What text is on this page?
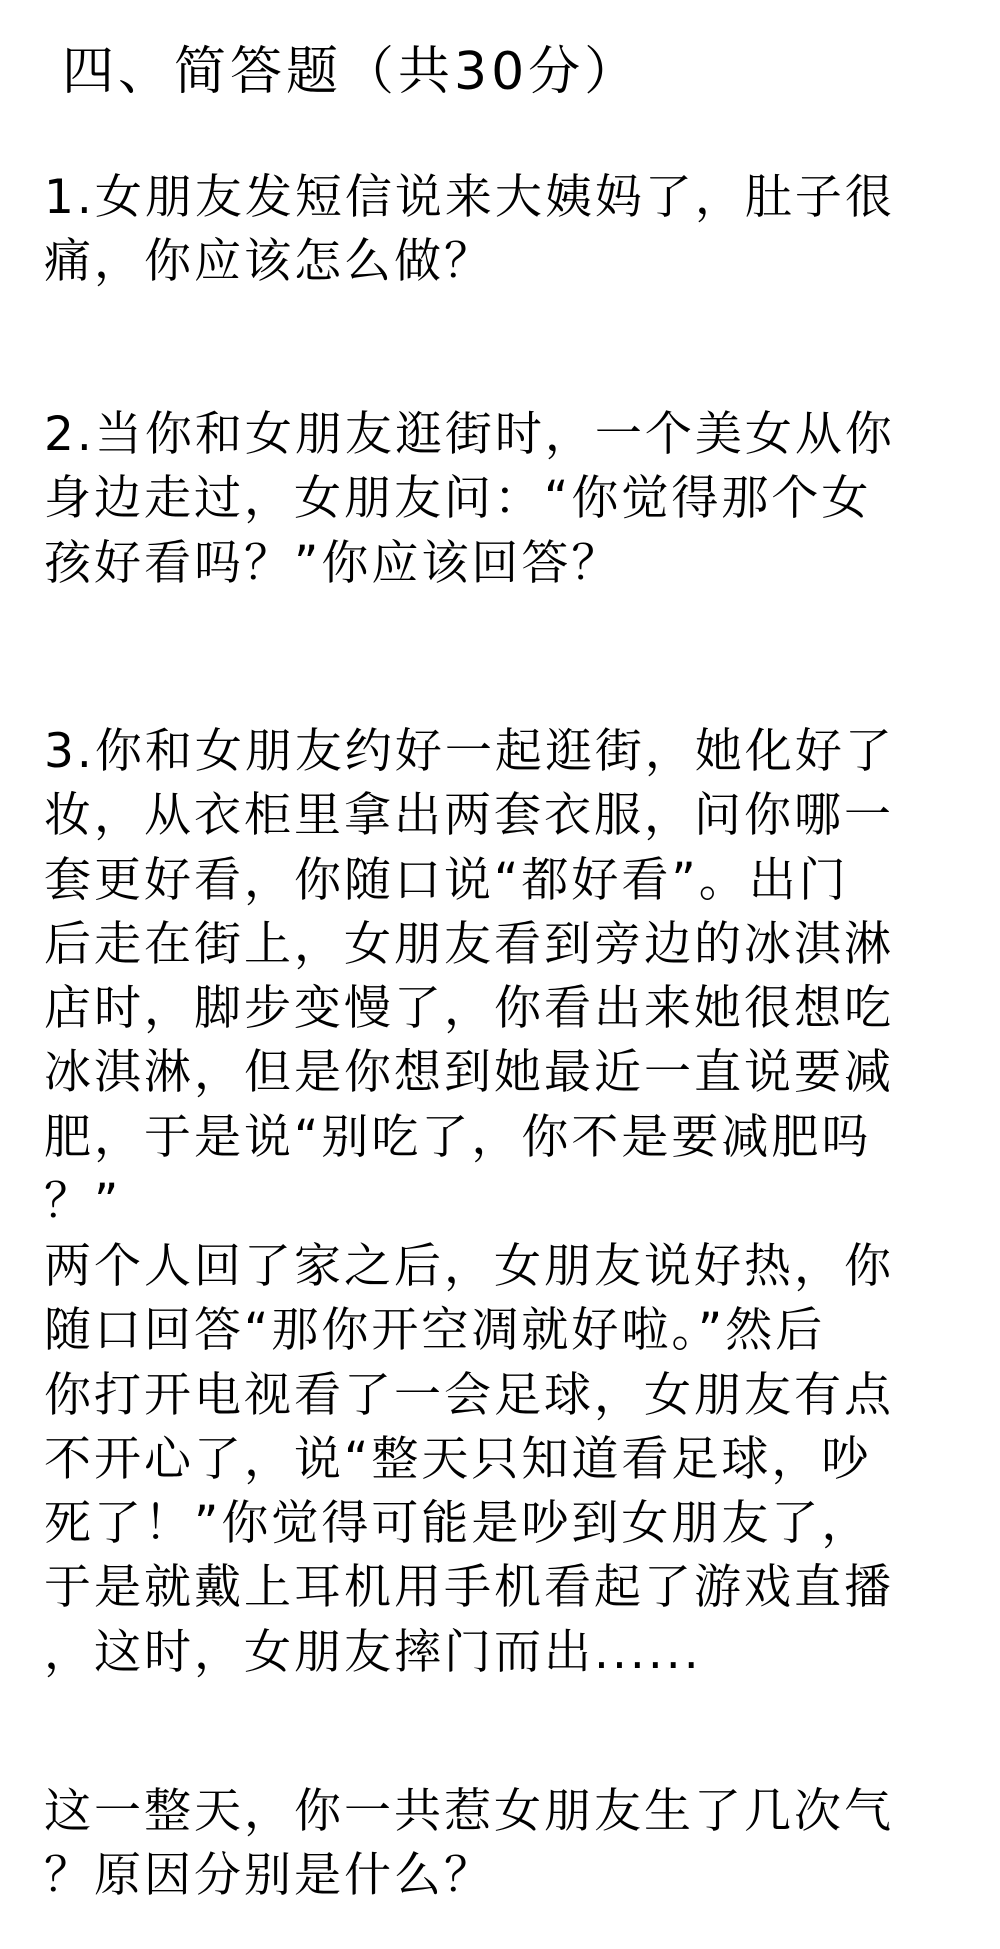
四、简答题（共30分）
1.女朋友发短信说来大姨妈了，肚子很
痛，你应该怎么做？
2.当你和女朋友逛街时，一个美女从你
身边走过，女朋友问：“你觉得那个女
孩好看吗？”你应该回答？
3.你和女朋友约好一起逛街，她化好了
妆，从衣柜里拿出两套衣服，问你哪一
套更好看，你随口说“都好看”。出门
后走在街上，女朋友看到旁边的冰淇淋
店时，脚步变慢了，你看出来她很想吃
冰淇淋，但是你想到她最近一直说要减
肥，于是说“别吃了，你不是要减肥吗
？”
两个人回了家之后，女朋友说好热，你
随口回答“那你开空凋就好啦。”然后
你打开电视看了一会足球，女朋友有点
不开心了，说“整天只知道看足球，吵
死了！”你觉得可能是吵到女朋友了，
于是就戴上耳机用手机看起了游戏直播
，这时，女朋友摔门而出......
这一整天，你一共惹女朋友生了几次气
？原因分别是什么？
